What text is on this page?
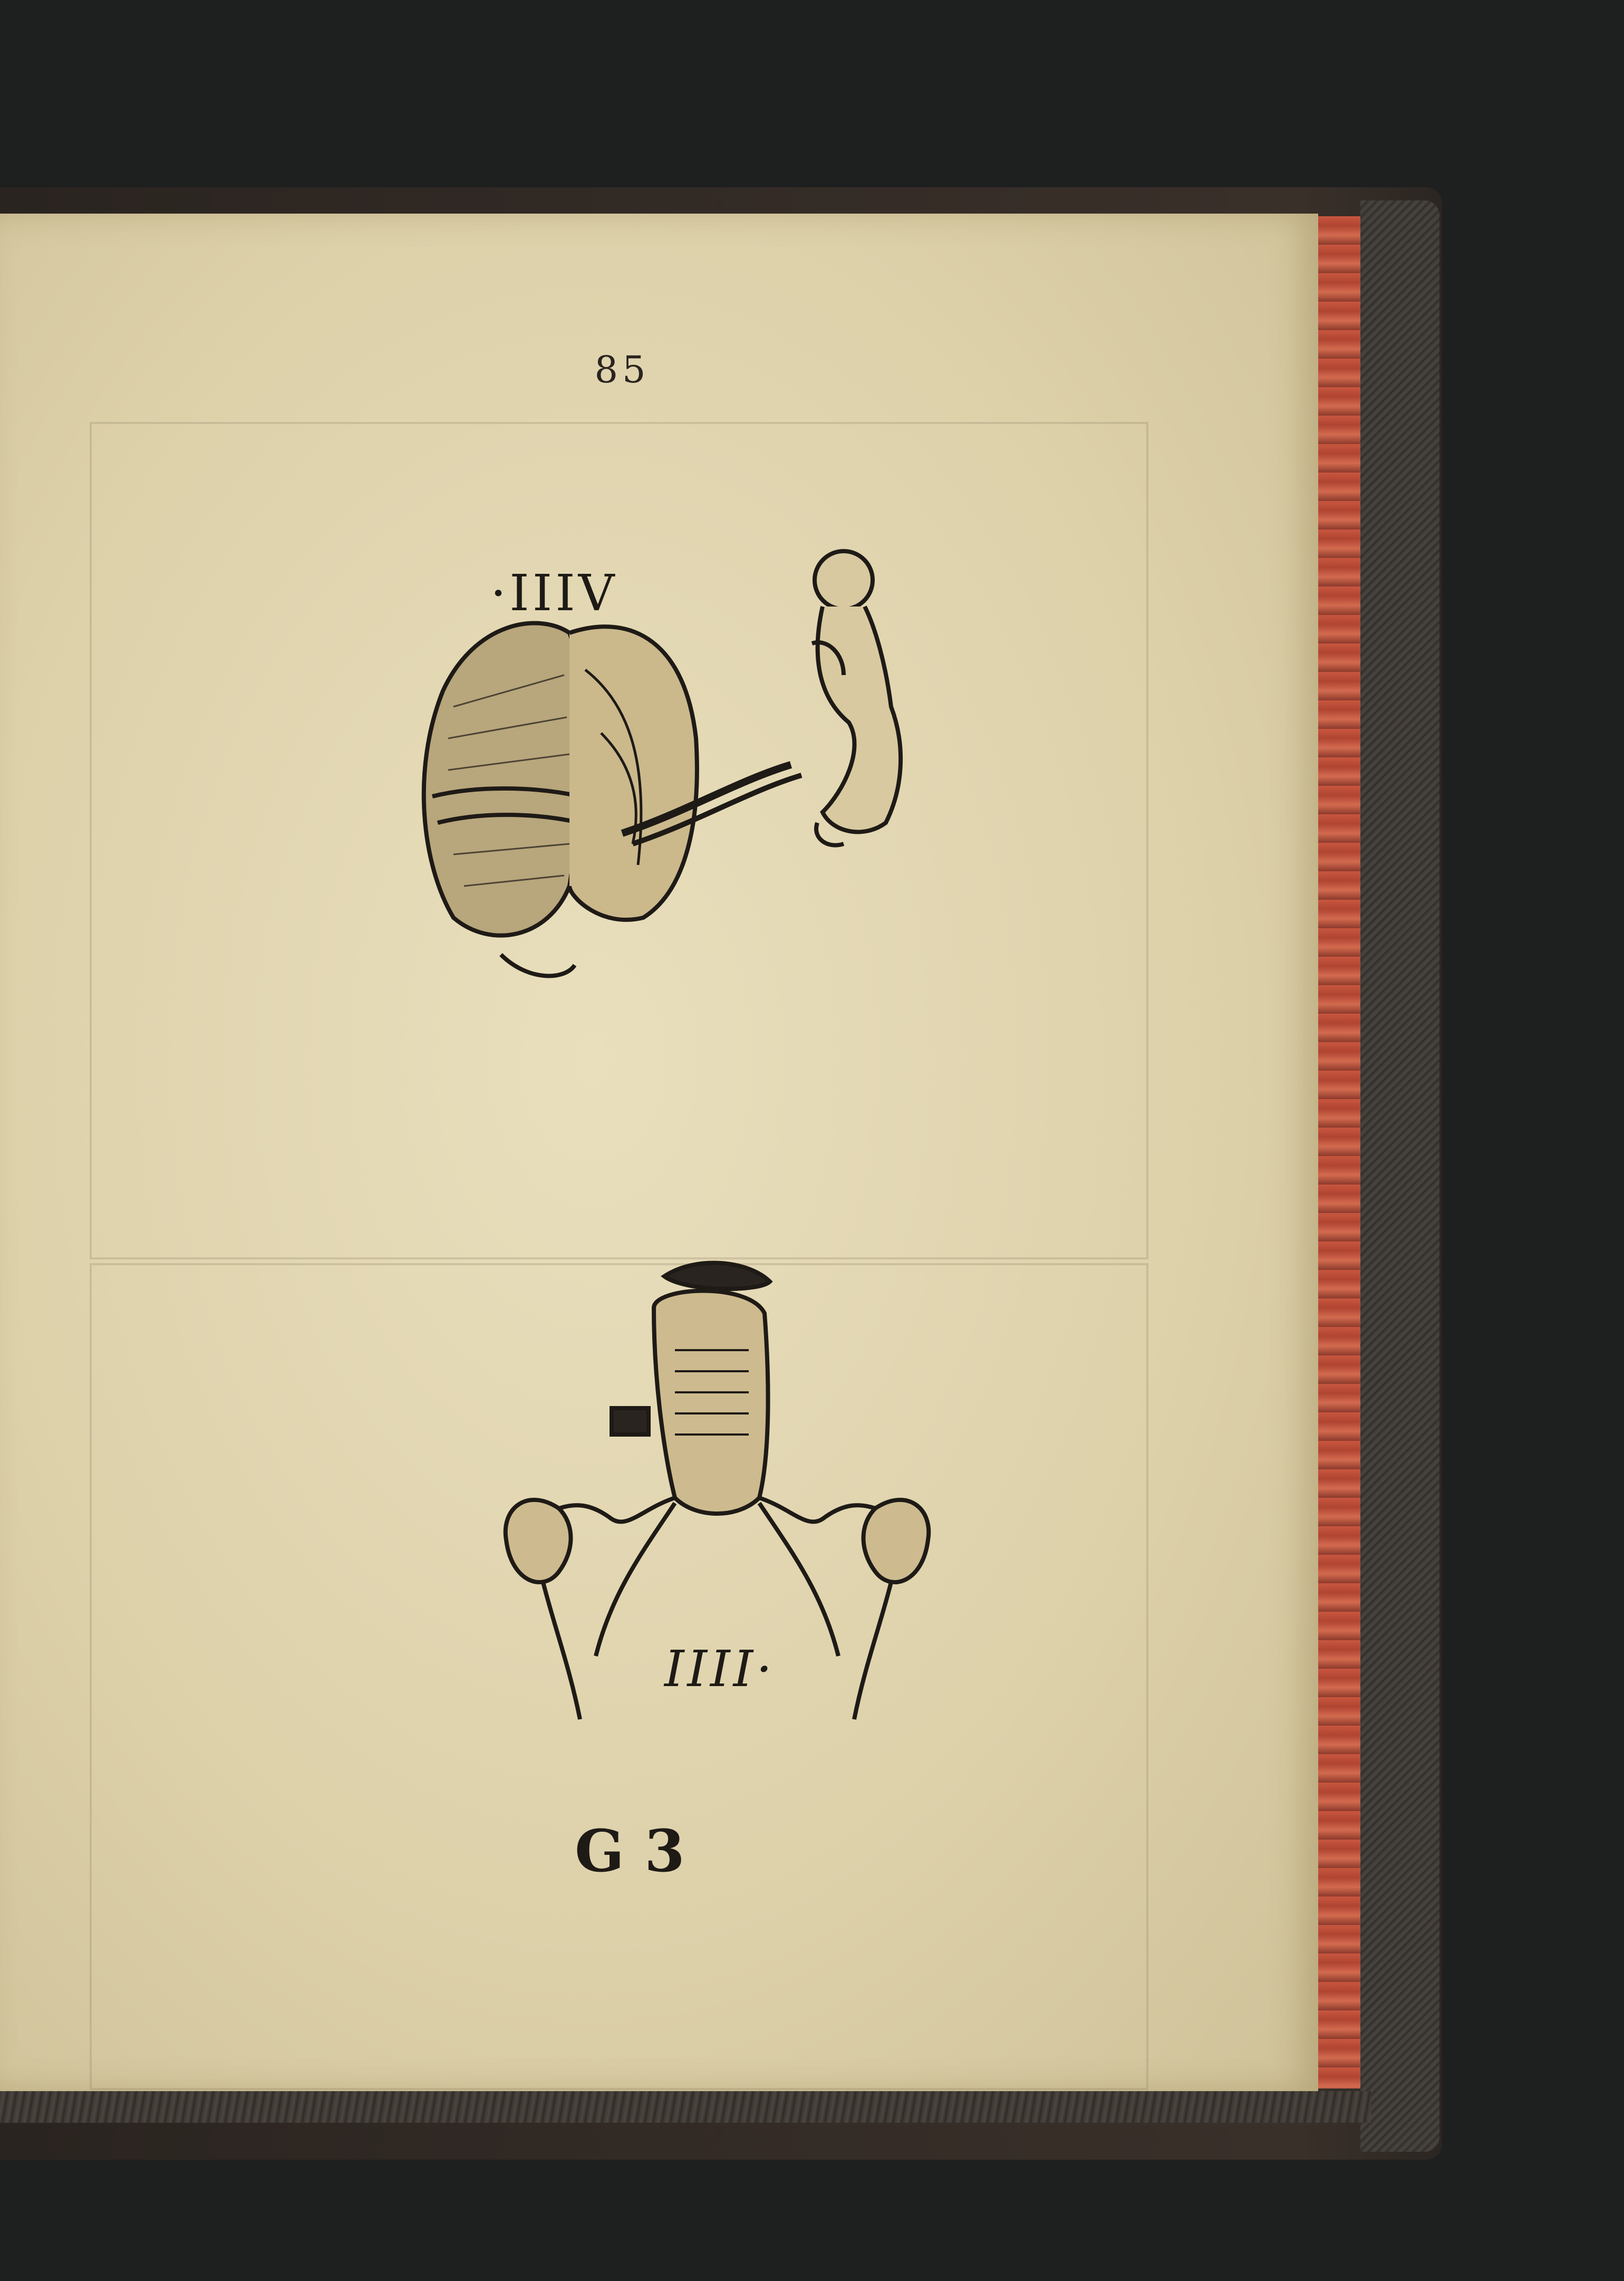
85
·IIIV
IIII·
G 3
